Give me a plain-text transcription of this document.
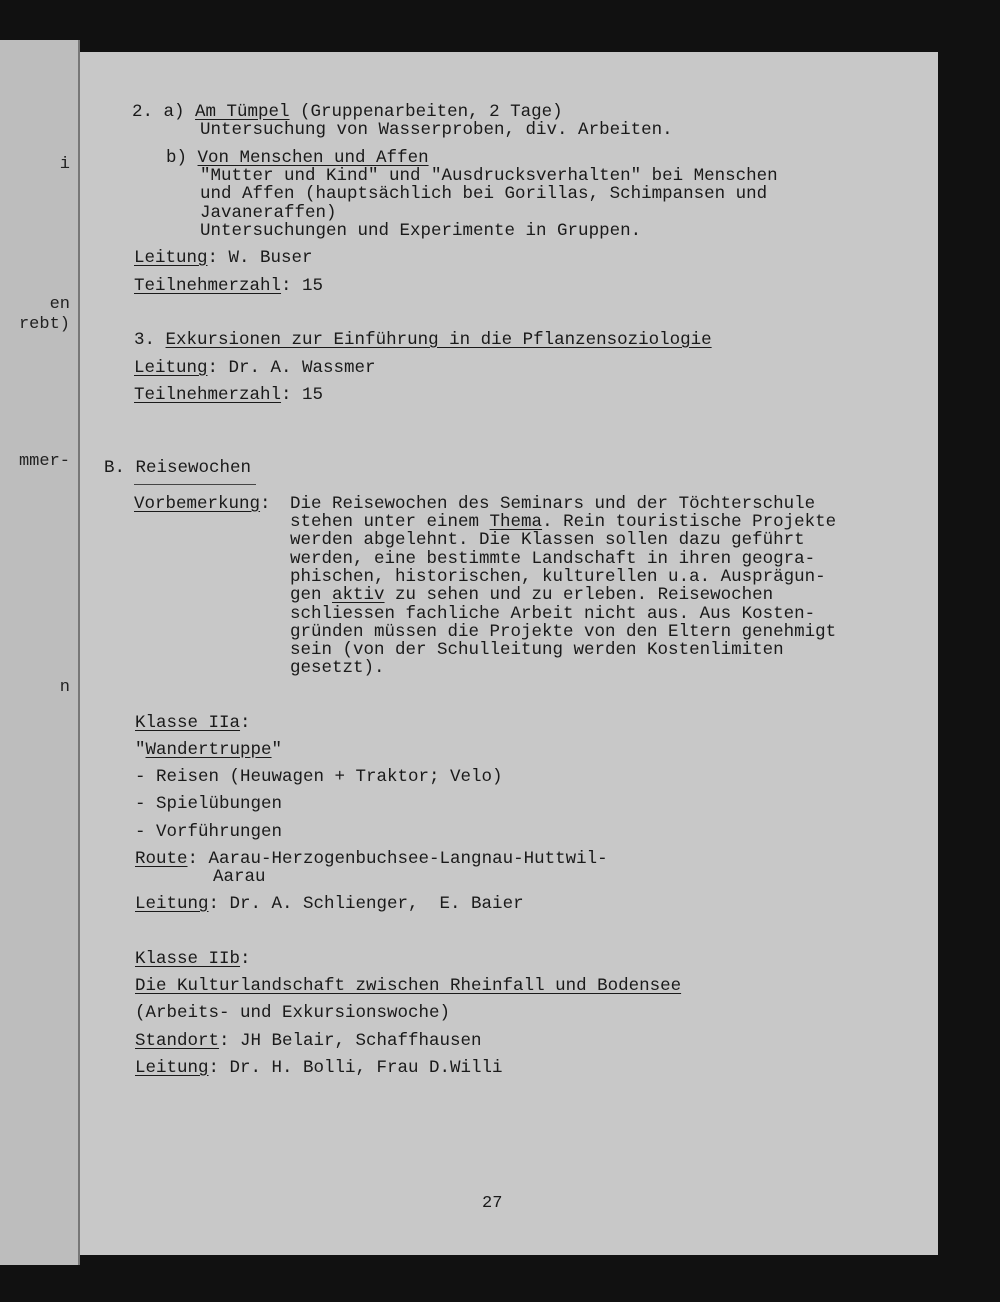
i
en
rebt)
mmer-
n
2. a) Am Tümpel (Gruppenarbeiten, 2 Tage)
Untersuchung von Wasserproben, div. Arbeiten.
b) Von Menschen und Affen
"Mutter und Kind" und "Ausdrucksverhalten" bei Menschen
und Affen (hauptsächlich bei Gorillas, Schimpansen und
Javaneraffen)
Untersuchungen und Experimente in Gruppen.
Leitung: W. Buser
Teilnehmerzahl: 15
3. Exkursionen zur Einführung in die Pflanzensoziologie
Leitung: Dr. A. Wassmer
Teilnehmerzahl: 15
B. Reisewochen
Vorbemerkung: Die Reisewochen des Seminars und der Töchterschule
stehen unter einem Thema. Rein touristische Projekte
werden abgelehnt. Die Klassen sollen dazu geführt
werden, eine bestimmte Landschaft in ihren geogra-
phischen, historischen, kulturellen u.a. Ausprägun-
gen aktiv zu sehen und zu erleben. Reisewochen
schliessen fachliche Arbeit nicht aus. Aus Kosten-
gründen müssen die Projekte von den Eltern genehmigt
sein (von der Schulleitung werden Kostenlimiten
gesetzt).
Klasse IIa:
"Wandertruppe"
- Reisen (Heuwagen + Traktor; Velo)
- Spielübungen
- Vorführungen
Route: Aarau-Herzogenbuchsee-Langnau-Huttwil-
Aarau
Leitung: Dr. A. Schlienger,  E. Baier
Klasse IIb:
Die Kulturlandschaft zwischen Rheinfall und Bodensee
(Arbeits- und Exkursionswoche)
Standort: JH Belair, Schaffhausen
Leitung: Dr. H. Bolli, Frau D.Willi
27
